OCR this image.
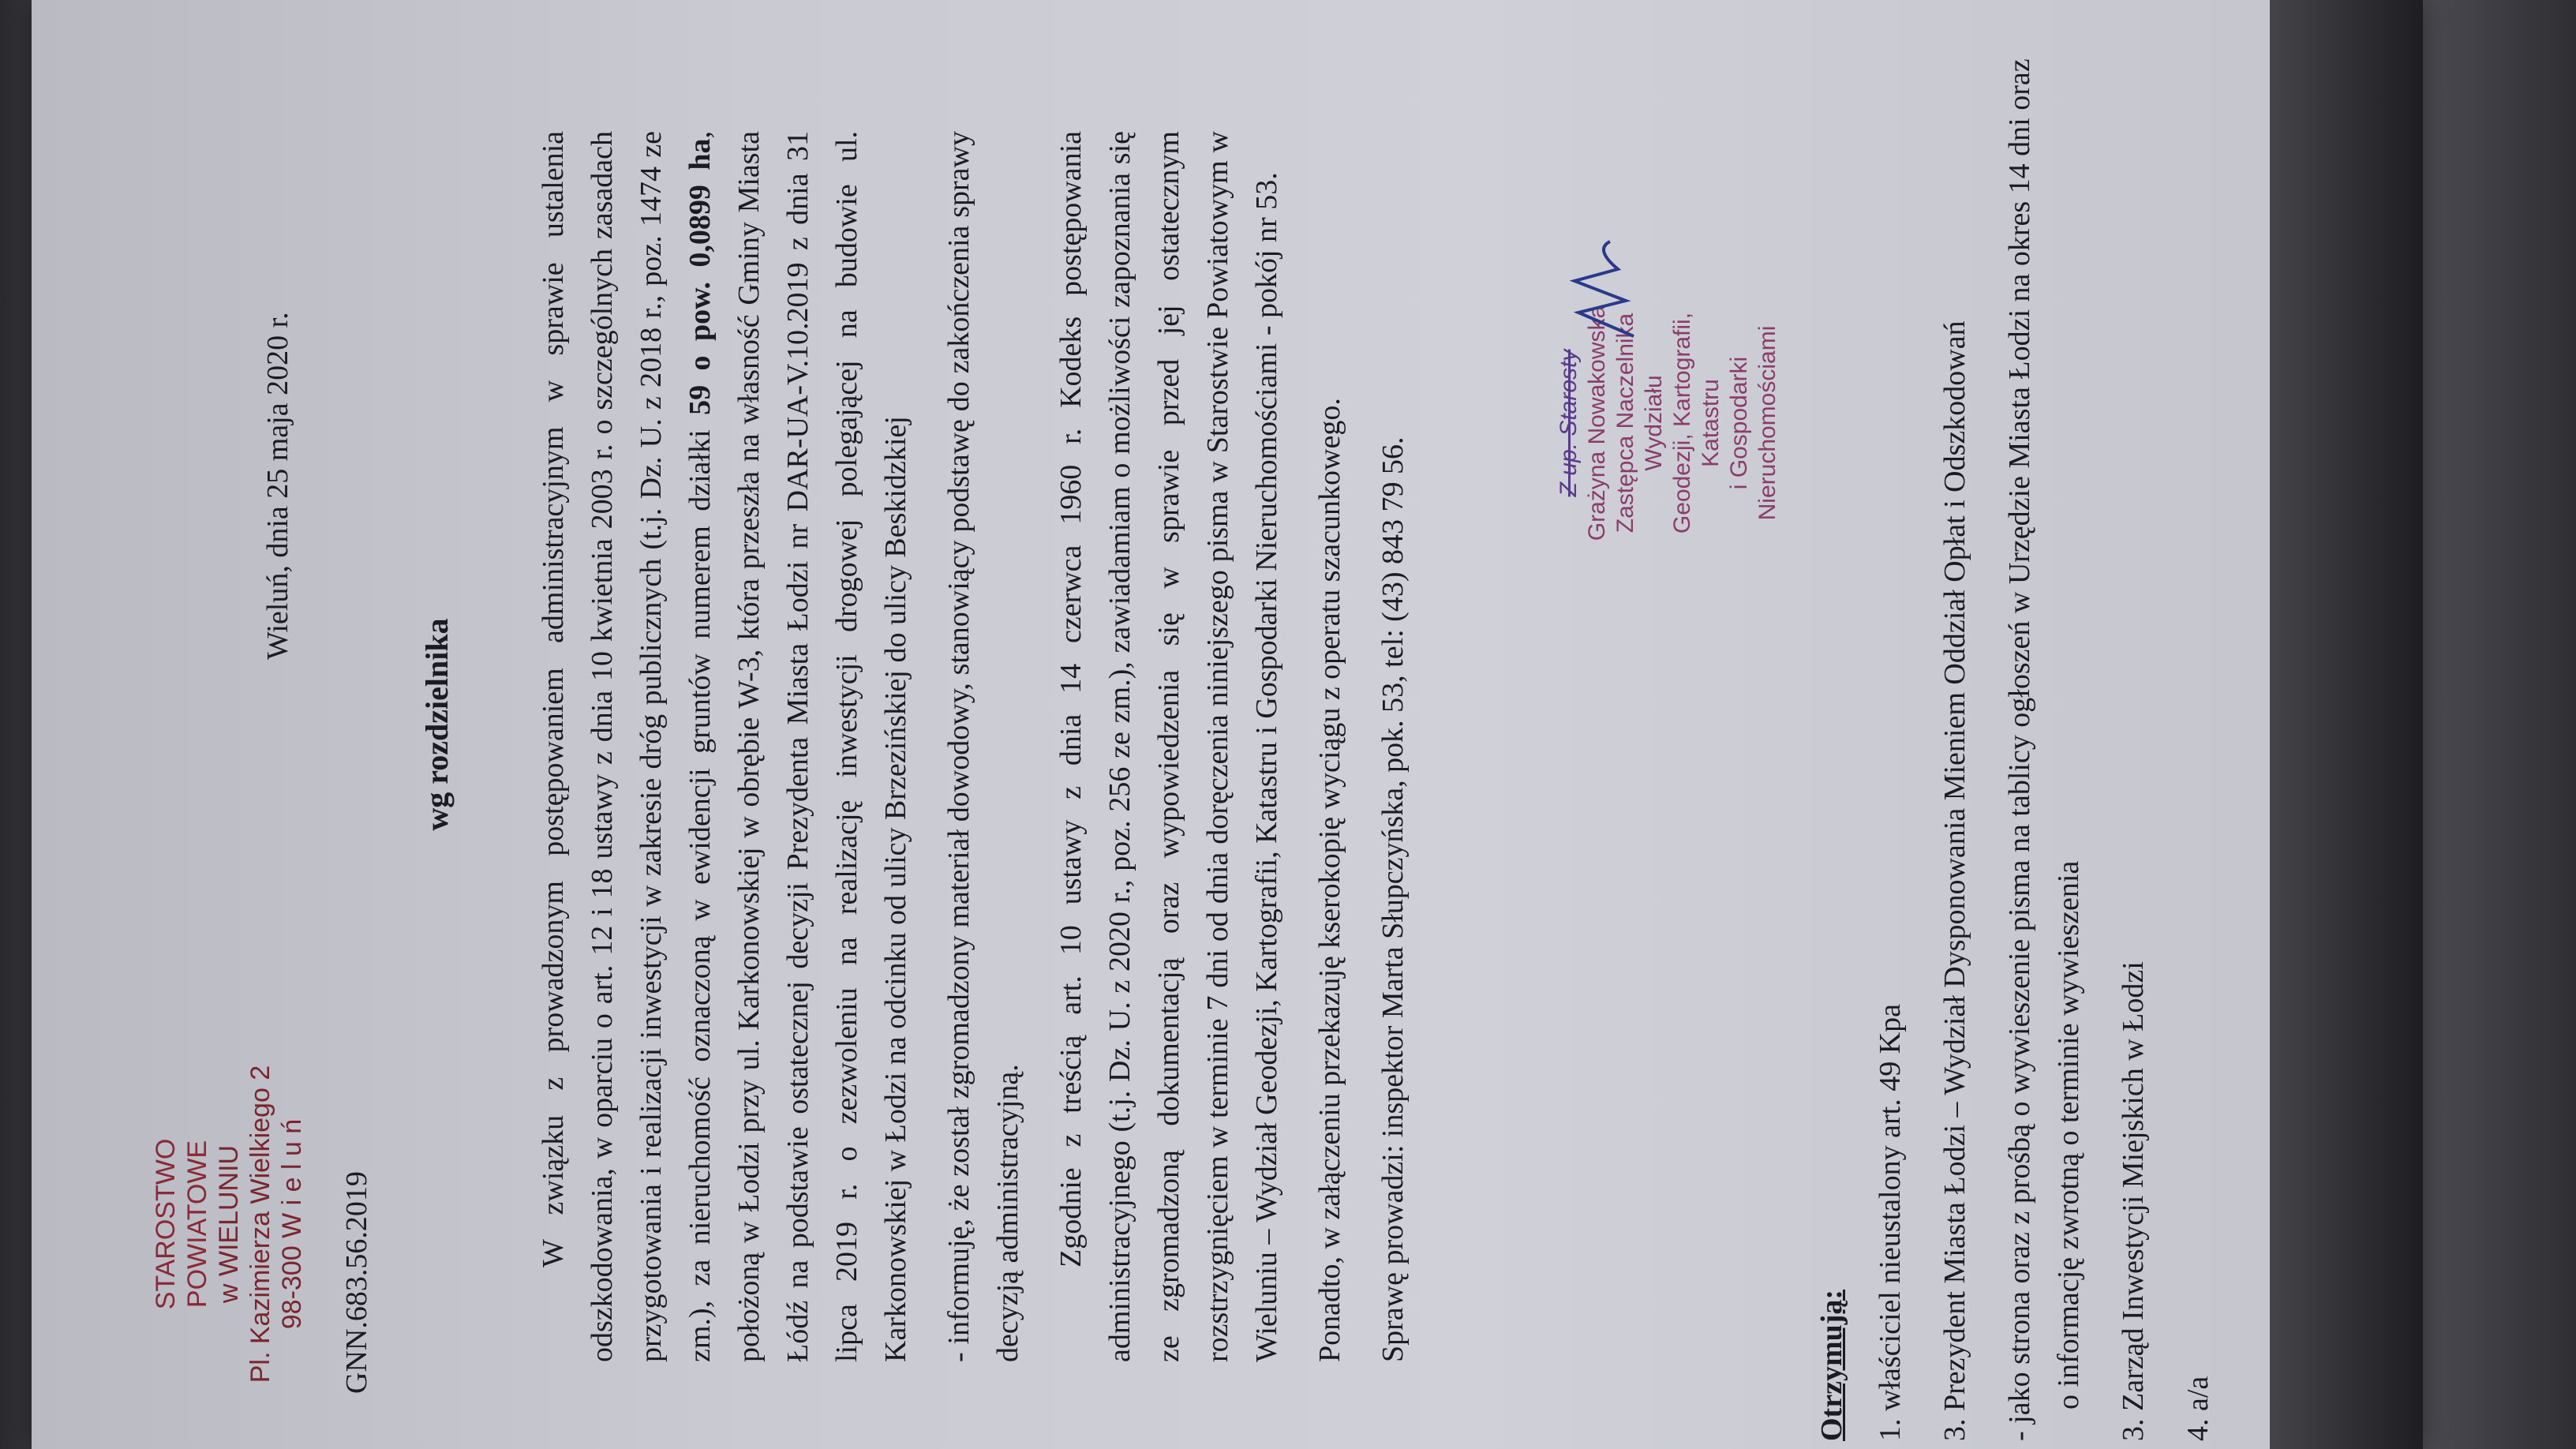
STAROSTWO POWIATOWE w WIELUNIU Pl. Kazimierza Wielkiego 2 98-300 W i e l u ń GNN.683.56.2019
Wieluń, dnia 25 maja 2020 r.
wg rozdzielnika	W związku z prowadzonym postępowaniem administracyjnym w sprawie ustalenia odszkodowania, w oparciu o art. 12 i 18 ustawy z dnia 10 kwietnia 2003 r. o szczególnych zasadach przygotowania i realizacji inwestycji w zakresie dróg publicznych (t.j. Dz. U. z 2018 r., poz. 1474 ze zm.), za nieruchomość oznaczoną w ewidencji gruntów numerem działki 59 o pow. 0,0899 ha, położoną w Łodzi przy ul. Karkonowskiej w obrębie W-3, która przeszła na własność Gminy Miasta Łódź na podstawie ostatecznej decyzji Prezydenta Miasta Łodzi nr DAR-UA-V.10.2019 z dnia 31 lipca 2019 r. o zezwoleniu na realizację inwestycji drogowej polegającej na budowie ul. Karkonowskiej w Łodzi na odcinku od ulicy Brzezińskiej do ulicy Beskidzkiej - informuję, że został zgromadzony materiał dowodowy, stanowiący podstawę do zakończenia sprawy decyzją administracyjną. Zgodnie z treścią art. 10 ustawy z dnia 14 czerwca 1960 r. Kodeks postępowania administracyjnego (t.j. Dz. U. z 2020 r., poz. 256 ze zm.), zawiadamiam o możliwości zapoznania się ze zgromadzoną dokumentacją oraz wypowiedzenia się w sprawie przed jej ostatecznym rozstrzygnięciem w terminie 7 dni od dnia doręczenia niniejszego pisma w Starostwie Powiatowym w Wieluniu – Wydział Geodezji, Kartografii, Katastru i Gospodarki Nieruchomościami - pokój nr 53. Ponadto, w załączeniu przekazuję kserokopię wyciągu z operatu szacunkowego. Sprawę prowadzi: inspektor Marta Słupczyńska, pok. 53, tel: (43) 843 79 56.

Z up. Starosty Grażyna Nowakowska Zastępca Naczelnika Wydziału Geodezji, Kartografii, Katastru i Gospodarki Nieruchomościami
Otrzymują: 1. właściciel nieustalony art. 49 Kpa 3. Prezydent Miasta Łodzi – Wydział Dysponowania Mieniem Oddział Opłat i Odszkodowań - jako strona oraz z prośbą o wywieszenie pisma na tablicy ogłoszeń w Urzędzie Miasta Łodzi na okres 14 dni oraz o informację zwrotną o terminie wywieszenia 3. Zarząd Inwestycji Miejskich w Łodzi 4. a/a
